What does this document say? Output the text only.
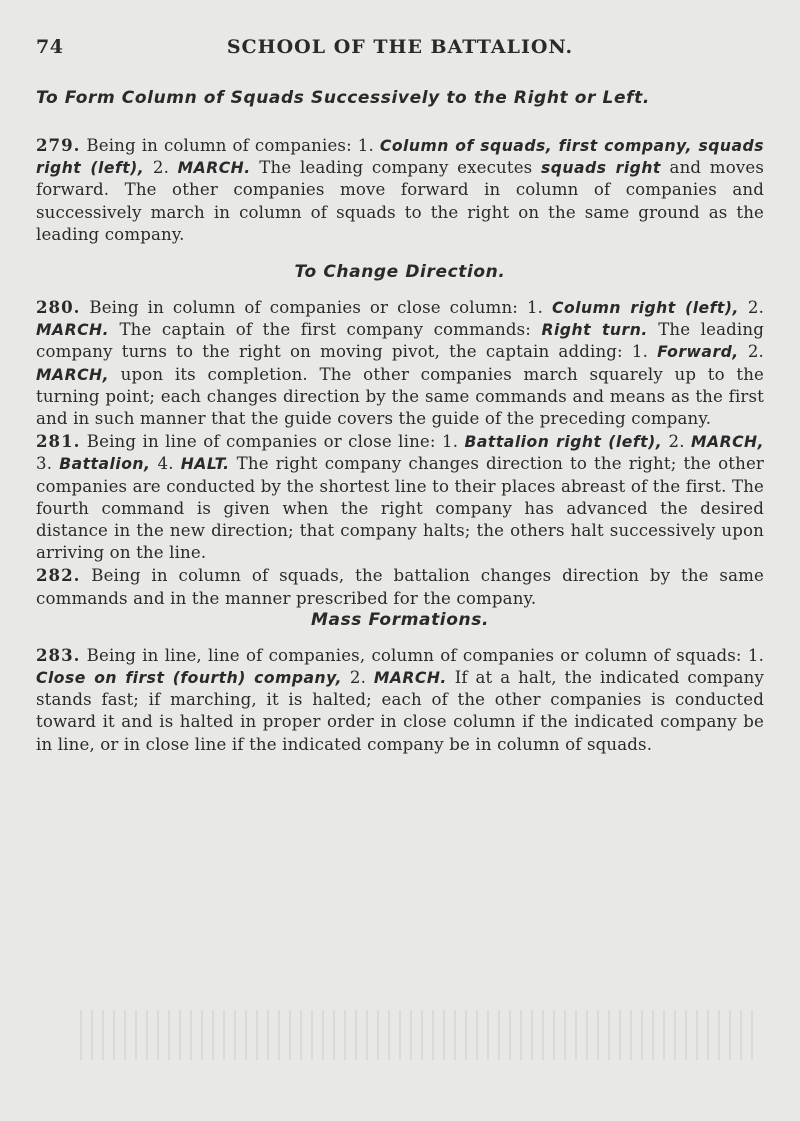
74	SCHOOL OF THE BATTALION.
To Form Column of Squads Successively to the Right or Left.

279. Being in column of companies: 1. Column of squads, first company, squads right (left), 2. MARCH. The leading company executes squads right and moves forward. The other companies move forward in column of companies and successively march in column of squads to the right on the same ground as the leading company.

To Change Direction.

280. Being in column of companies or close column: 1. Column right (left), 2. MARCH. The captain of the first company commands: Right turn. The leading company turns to the right on moving pivot, the captain adding: 1. Forward, 2. MARCH, upon its completion. The other companies march squarely up to the turning point; each changes direction by the same commands and means as the first and in such manner that the guide covers the guide of the preceding company.

281. Being in line of companies or close line: 1. Battalion right (left), 2. MARCH, 3. Battalion, 4. HALT. The right company changes direction to the right; the other companies are conducted by the shortest line to their places abreast of the first. The fourth command is given when the right company has advanced the desired distance in the new direction; that company halts; the others halt successively upon arriving on the line.

282. Being in column of squads, the battalion changes direction by the same commands and in the manner prescribed for the company.

Mass Formations.

283. Being in line, line of companies, column of companies or column of squads: 1. Close on first (fourth) company, 2. MARCH. If at a halt, the indicated company stands fast; if marching, it is halted; each of the other companies is conducted toward it and is halted in proper order in close column if the indicated company be in line, or in close line if the indicated company be in column of squads.
